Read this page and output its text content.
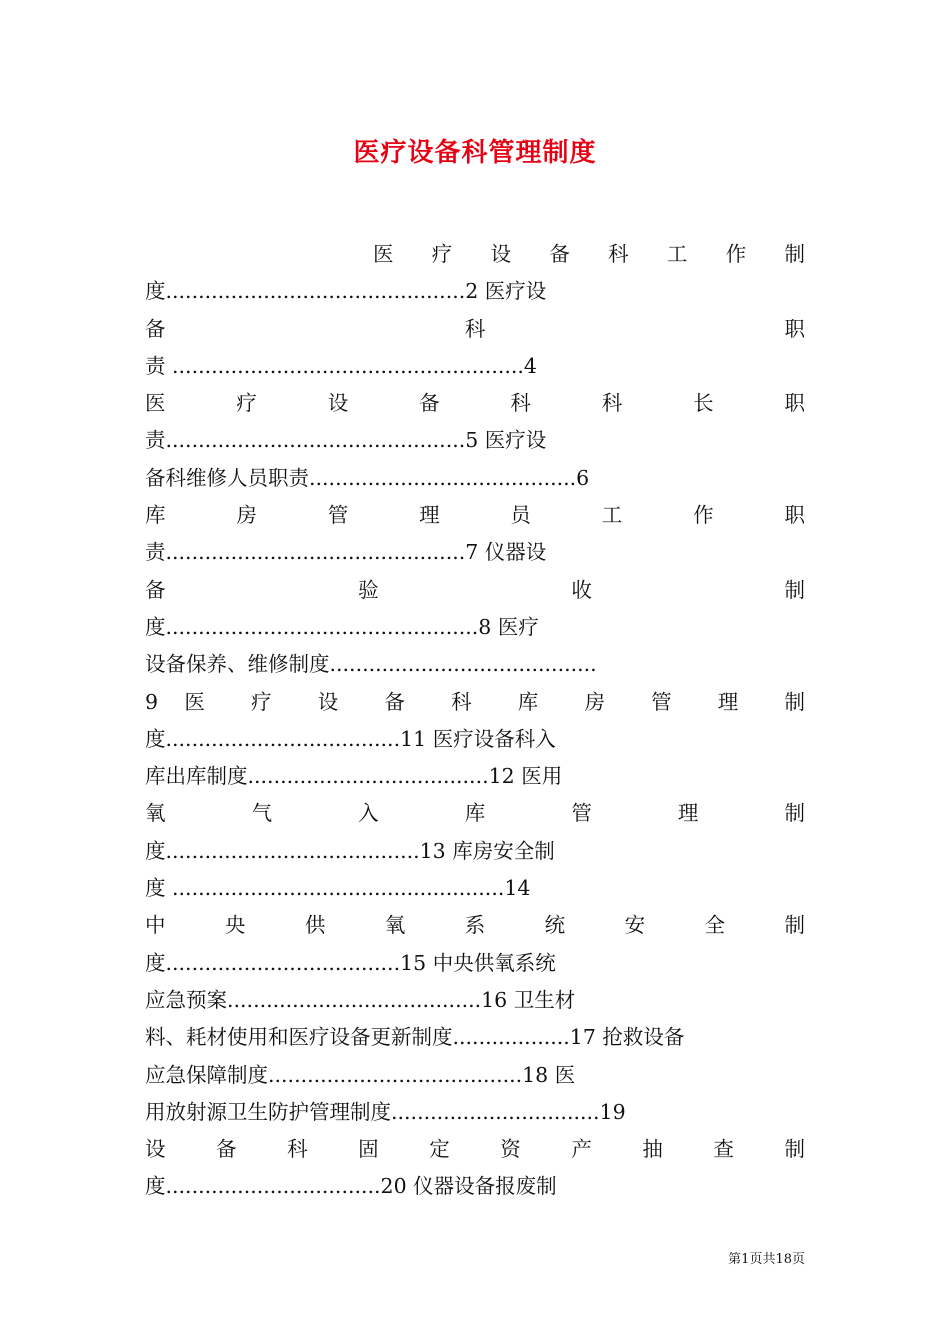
医疗设备科管理制度
医 疗 设 备 科 工 作 制
度..............................................2 医疗设
备 科 职
责 ......................................................4
医 疗 设 备 科 科 长 职
责..............................................5 医疗设
备科维修人员职责.........................................6
库 房 管 理 员 工 作 职
责..............................................7 仪器设
备 验 收 制
度................................................8 医疗
设备保养、维修制度.........................................
9 医 疗 设 备 科 库 房 管 理 制
度....................................11 医疗设备科入
库出库制度.....................................12 医用
氧 气 入 库 管 理 制
度.......................................13 库房安全制
度 ...................................................14
中 央 供 氧 系 统 安 全 制
度....................................15 中央供氧系统
应急预案.......................................16 卫生材
料、耗材使用和医疗设备更新制度..................17 抢救设备
应急保障制度.......................................18 医
用放射源卫生防护管理制度................................19
设 备 科 固 定 资 产 抽 查 制
度.................................20 仪器设备报废制
第1页共18页
